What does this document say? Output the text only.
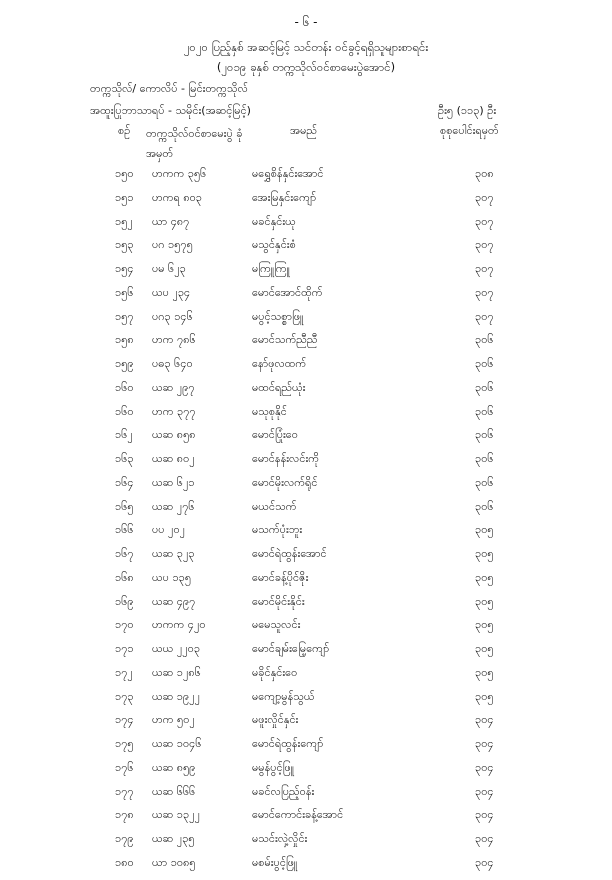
- ၆ -
၂၀၂၀ ပြည့်နှစ် အဆင့်မြင့် သင်တန်း ဝင်ခွင့်ရရှိသူများစာရင်း
(၂၀၁၉ ခုနှစ် တက္ကသိုလ်ဝင်စာမေးပွဲအောင်)
တက္ကသိုလ်/ ကောလိပ် - မြင်းတက္ကသိုလ်
အထူးပြုဘာသာရပ် - သမိုင်း(အဆင့်မြင့်)	ဦး၅ (၁၁၃) ဦး
စဉ် တက္ကသိုလ်ဝင်စာမေးပွဲ ခုံအမှတ်
အမည်	စုစုပေါင်းရမှတ်
၁၅၀ ဟကက ၃၅၆	မရွှေစိန်နှင်းအောင်	၃၀၈
၁၅၁ ဟကရ ၈၀၃	အေးမြနှင်းကျော်	၃၀၇
၁၅၂ ယာ ၄၈၇	မခင်နှင်းယု	၃၀၇
၁၅၃ ပဂ ၁၅၇၅	မသွင်နှင်းစံ	၃၀၇
၁၅၄ ပမ ၆၂၃	မကြူကြူ	၃၀၇
၁၅၆ ယပ ၂၃၄	မောင်အောင်ထိုက်	၃၀၇
၁၅၇ ပဂ၃ ၁၄၆	မပွင့်သစ္စာဖြူ	၃၀၇
၁၅၈ ဟက ၇၈၆	မောင်သက်ညီညီ	၃၀၆
၁၅၉ ပဓ၃ ၆၄၀	နော်ဖုလထက်	၃၀၆
၁၆၀ ယဆ ၂၉၇	မထင်ရည်ယုံး	၃၀၆
၁၆၀ ဟက ၃၇၇	မသုစုနိုင်	၃၀၆
၁၆၂ ယဆ ၈၅၈	မောင်ပြုံးဝေ	၃၀၆
၁၆၃ ယဆ ၈၀၂	မောင်နန်းလင်းကို	၃၀၆
၁၆၄ ယဆ ၆၂၁	မောင်မိုးလက်ရိုင်	၃၀၆
၁၆၅ ယဆ ၂၇၆	မယင်သက်	၃၀၆
၁၆၆ ပပ ၂၀၂	မသက်ပုံးဘူး	၃၀၅
၁၆၇ ယဆ ၃၂၃	မောင်ရဲထွန်းအောင်	၃၀၅
၁၆၈ ယပ ၁၃၅	မောင်ခန့်ပိုင်ဇိုး	၃၀၅
၁၆၉ ယဆ ၄၉၇	မောင်မိုင်းနိုင်း	၃၀၅
၁၇၀ ဟကက ၄၂၀	မမေသူလင်း	၃၀၅
၁၇၁ ယယ ၂၂၀၃	မောင်ချမ်းမြေ့ကျော်	၃၀၅
၁၇၂ ယဆ ၁၂၈၆	မခိုင်နှင်းဝေ	၃၀၅
၁၇၃ ယဆ ၁၉၂၂	မကျော့မွန်သွယ်	၃၀၅
၁၇၄ ဟက ၅၀၂	မဖူးလှိုင်နှင်း	၃၀၄
၁၇၅ ယဆ ၁၀၄၆	မောင်ရဲထွန်းကျော်	၃၀၄
၁၇၆ ယဆ ၈၅၉	မမွန်ပွင့်ဖြူ	၃၀၄
၁၇၇ ယဆ ၆၆၆	မခင်လပြည့်ဝန်း	၃၀၄
၁၇၈ ယဆ ၁၃၂၂	မောင်ကောင်းခန့်အောင်	၃၀၄
၁၇၉ ယဆ ၂၃၅	မသင်းလှဲ့လှိုင်း	၃၀၄
၁၈၀ ယာ ၁၀၈၅	မစမ်းပွင့်ဖြူ	၃၀၄
